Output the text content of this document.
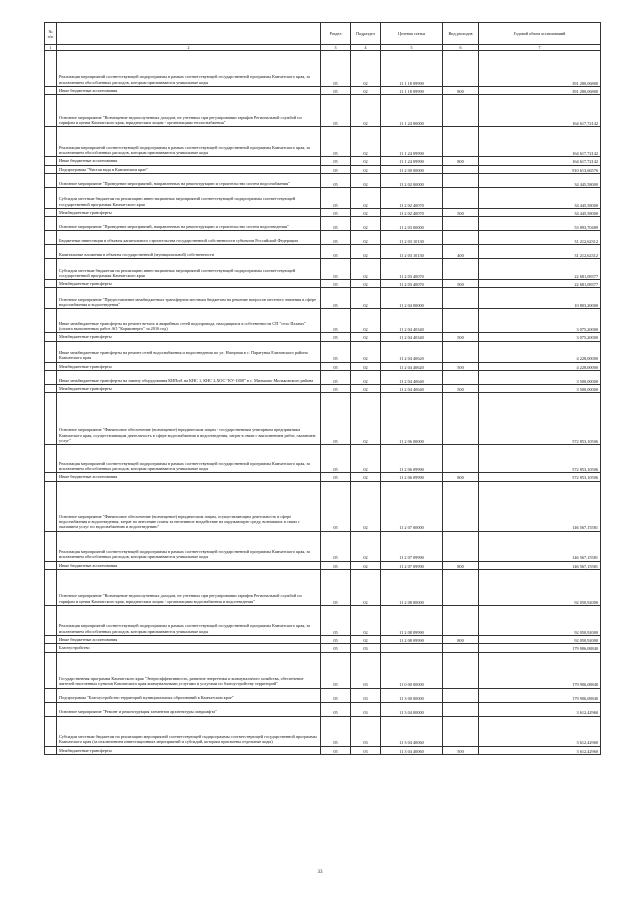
№ п/п		Раздел	Подраздел	Целевая статья	Вид расходов	Годовой объем ассигнований
1	2	3	4	5	6	7
	Реализация мероприятий соответствующей подпрограммы в рамках соответствующей государственной программы Камчатского края, за исключением обособленных расходов, которым присваиваются уникальные коды	05	02	11 1 18 09990		391 280,06800
	Иные бюджетные ассигнования	05	02	11 1 18 09990	800	391 280,06800
	Основное мероприятие "Возмещение недополученных доходов, не учтенных при регулировании тарифов Региональной службой по тарифам и ценам Камчатского края, юридическим лицам - организациям теплоснабжения"	05	02	11 1 24 00000		164 617,72142
	Реализация мероприятий соответствующей подпрограммы в рамках соответствующей государственной программы Камчатского края, за исключением обособленных расходов, которым присваиваются уникальные коды	05	02	11 1 24 09990		164 617,72142
	Иные бюджетные ассигнования	05	02	11 1 24 09990	800	164 617,72142
	Подпрограмма "Чистая вода в Камчатском крае"	05	02	11 2 00 00000		910 613,66576
	Основное мероприятие "Проведение мероприятий, направленных на реконструкцию и строительство систем водоснабжения"	05	02	11 2 02 00000		34 445,58000
	Субсидии местным бюджетам на реализацию инвестиционных мероприятий соответствующей подпрограммы соответствующей государственной программы Камчатского края	05	02	11 2 02 40070		34 445,58000
	Межбюджетные трансферты	05	02	11 2 02 40070	500	34 445,58000
	Основное мероприятие "Проведение мероприятий, направленных на реконструкцию и строительство систем водоотведения"	05	02	11 2 03 00000		53 893,70489
	Бюджетные инвестиции в объекты капитального строительства государственной собственности субъектов Российской Федерации	05	02	11 2 03 10130		31 212,62312
	Капитальные вложения в объекты государственной (муниципальной) собственности	05	02	11 2 03 10130	400	31 212,62312
	Субсидии местным бюджетам на реализацию инвестиционных мероприятий соответствующей подпрограммы соответствующей государственной программы Камчатского края	05	02	11 2 03 40070		22 681,08377
	Межбюджетные трансферты	05	02	11 2 03 40070	500	22 681,08377
	Основное мероприятие "Предоставление межбюджетных трансфертов местным бюджетам на решение вопросов местного значения в сфере водоснабжения и водоотведения"	05	02	11 2 04 00000		10 803,20000
	Иные межбюджетные трансферты на ремонт ветхих и аварийных сетей водопровода, находящихся в собственности СП "село Пахачи" (оплата выполненных работ АО "Корякэнерго" за 2016 год)	05	02	11 2 04 40340		3 075,20000
	Межбюджетные трансферты	05	02	11 2 04 40340	500	3 075,20000
	Иные межбюджетные трансферты на ремонт сетей водоснабжения и водоотведения по ул. Нагорная в с. Паратунка Елизовского района Камчатского края	05	02	11 2 04 40620		4 228,00000
	Межбюджетные трансферты	05	02	11 2 04 40620	500	4 228,00000
	Иные межбюджетные трансферты на замену оборудования КИПиА на КНС 1, КНС 2,ХОС "КУ-1800" в с. Мильково Мильковского района	05	02	11 2 04 40640		3 500,00000
	Межбюджетные трансферты	05	02	11 2 04 40640	500	3 500,00000
	Основное мероприятие "Финансовое обеспечение (возмещение) юридическим лицам - государственным унитарным предприятиям Камчатского края, осуществляющим деятельность в сфере водоснабжения и водоотведения, затрат в связи с выполнением работ, оказанием услуг"	05	02	11 2 06 00000		572 853,10506
	Реализация мероприятий соответствующей подпрограммы в рамках соответствующей государственной программы Камчатского края, за исключением обособленных расходов, которым присваиваются уникальные коды	05	02	11 2 06 09990		572 853,10506
	Иные бюджетные ассигнования	05	02	11 2 06 09990	800	572 853,10506
	Основное мероприятие "Финансовое обеспечение (возмещение) юридическим лицам, осуществляющим деятельность в сфере водоснабжения и водоотведения, затрат по внесению платы за негативное воздействие на окружающую среду, возникших в связи с оказанием услуг по водоснабжению и водоотведению"	05	02	11 2 07 00000		146 567,15581
	Реализация мероприятий соответствующей подпрограммы в рамках соответствующей государственной программы Камчатского края, за исключением обособленных расходов, которым присваиваются уникальные коды	05	02	11 2 07 09990		146 567,15581
	Иные бюджетные ассигнования	05	02	11 2 07 09990	800	146 567,15581
	Основное мероприятие "Возмещение недополученных доходов, не учтенных при регулировании тарифов Региональной службой по тарифам и ценам Камчатского края, юридическим лицам - организациям водоснабжения и водоотведения"	05	02	11 2 08 00000		92 050,92000
	Реализация мероприятий соответствующей подпрограммы в рамках соответствующей государственной программы Камчатского края, за исключением обособленных расходов, которым присваиваются уникальные коды	05	02	11 2 08 09990		92 050,92000
	Иные бюджетные ассигнования	05	02	11 2 08 09990	800	92 050,92000
	Благоустройство	05	03			179 906,08840
	Государственная программа Камчатского края "Энергоэффективность, развитие энергетики и коммунального хозяйства, обеспечение жителей населенных пунктов Камчатского края коммунальными услугами и услугами по благоустройству территорий"	05	03	11 0 00 00000		179 906,08840
	Подпрограмма "Благоустройство территорий муниципальных образований в Камчатском крае"	05	03	11 3 00 00000		179 906,08840
	Основное мероприятие "Ремонт и реконструкция элементов архитектуры ландшафта"	05	03	11 3 04 00000		3 612,42960
	Субсидии местным бюджетам на реализацию мероприятий соответствующей подпрограммы соответствующей государственной программы Камчатского края (за исключением инвестиционных мероприятий и субсидий, которым присвоены отдельные коды)	05	03	11 3 04 40060		3 612,42960
	Межбюджетные трансферты	05	03	11 3 04 40060	500	3 612,42960
33
